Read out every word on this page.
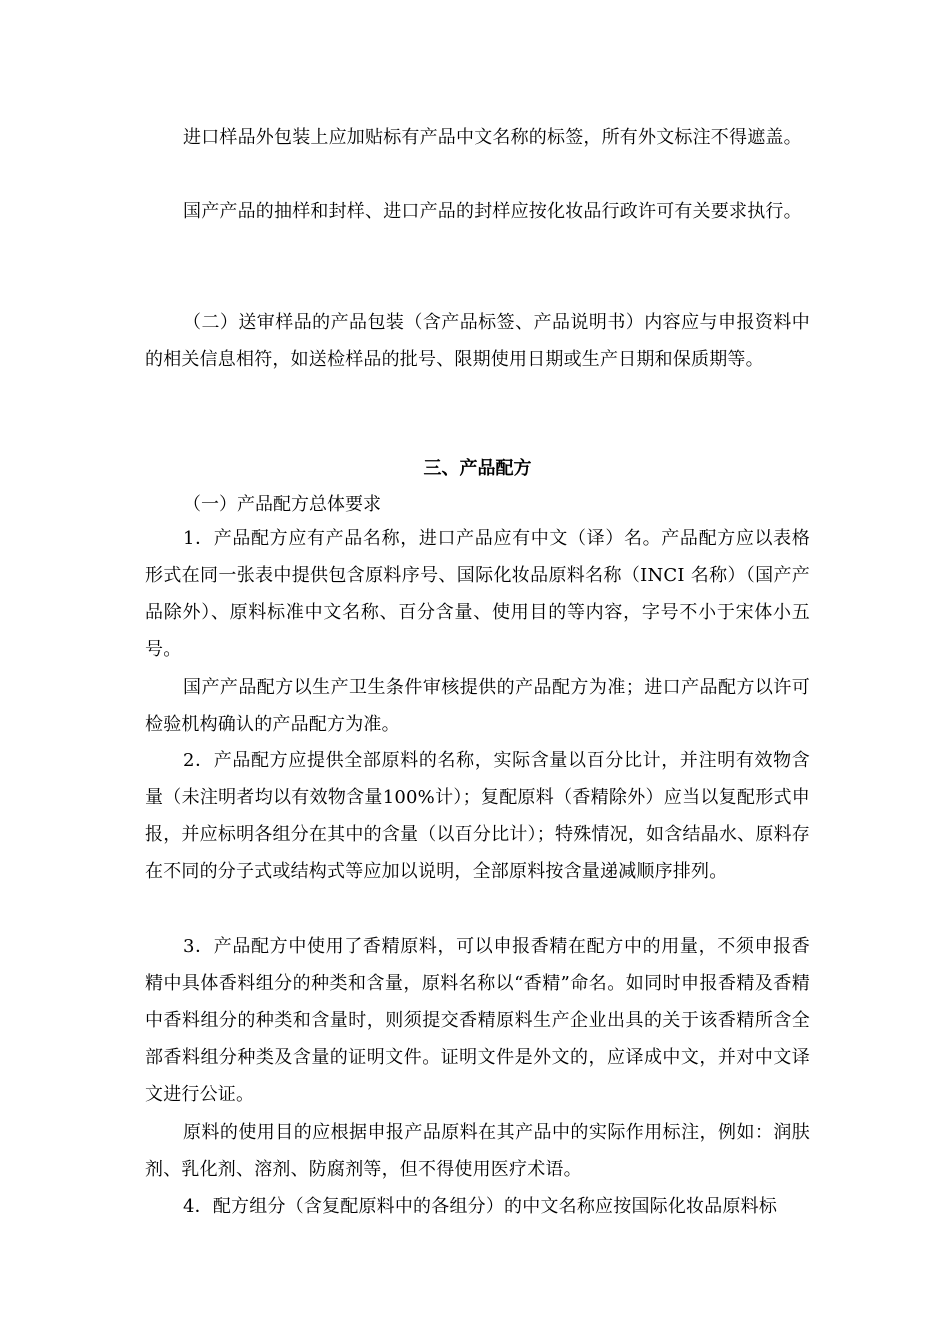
进口样品外包装上应加贴标有产品中文名称的标签，所有外文标注不得遮盖。

国产产品的抽样和封样、进口产品的封样应按化妆品行政许可有关要求执行。

（二）送审样品的产品包装（含产品标签、产品说明书）内容应与申报资料中的相关信息相符，如送检样品的批号、限期使用日期或生产日期和保质期等。

三、产品配方

（一）产品配方总体要求

1．产品配方应有产品名称，进口产品应有中文（译）名。产品配方应以表格形式在同一张表中提供包含原料序号、国际化妆品原料名称（INCI 名称）（国产产品除外）、原料标准中文名称、百分含量、使用目的等内容，字号不小于宋体小五号。

国产产品配方以生产卫生条件审核提供的产品配方为准；进口产品配方以许可检验机构确认的产品配方为准。

2．产品配方应提供全部原料的名称，实际含量以百分比计，并注明有效物含量（未注明者均以有效物含量100%计）；复配原料（香精除外）应当以复配形式申报，并应标明各组分在其中的含量（以百分比计）；特殊情况，如含结晶水、原料存在不同的分子式或结构式等应加以说明，全部原料按含量递减顺序排列。

3．产品配方中使用了香精原料，可以申报香精在配方中的用量，不须申报香精中具体香料组分的种类和含量，原料名称以“香精”命名。如同时申报香精及香精中香料组分的种类和含量时，则须提交香精原料生产企业出具的关于该香精所含全部香料组分种类及含量的证明文件。证明文件是外文的，应译成中文，并对中文译文进行公证。

原料的使用目的应根据申报产品原料在其产品中的实际作用标注，例如：润肤剂、乳化剂、溶剂、防腐剂等，但不得使用医疗术语。

4．配方组分（含复配原料中的各组分）的中文名称应按国际化妆品原料标
